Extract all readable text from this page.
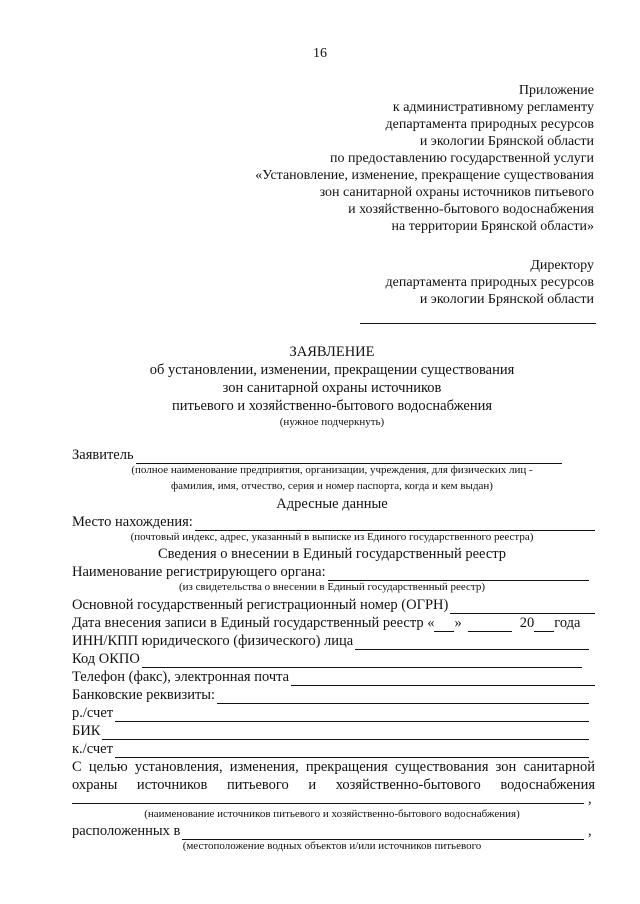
16
Приложение
к административному регламенту
департамента природных ресурсов
и экологии Брянской области
по предоставлению государственной услуги
«Установление, изменение, прекращение существования
зон санитарной охраны источников питьевого
и хозяйственно-бытового водоснабжения
на территории Брянской области»
Директору
департамента природных ресурсов
и экологии Брянской области
ЗАЯВЛЕНИЕ
об установлении, изменении, прекращении существования
зон санитарной охраны источников
питьевого и хозяйственно-бытового водоснабжения
(нужное подчеркнуть)
Заявитель
(полное наименование предприятия, организации, учреждения, для физических лиц -
фамилия, имя, отчество, серия и номер паспорта, когда и кем выдан)
Адресные данные
Место нахождения:
(почтовый индекс, адрес, указанный в выписке из Единого государственного реестра)
Сведения о внесении в Единый государственный реестр
Наименование регистрирующего органа:
(из свидетельства о внесении в Единый государственный реестр)
Основной государственный регистрационный номер (ОГРН)
Дата внесения записи в Единый государственный реестр « »	20 года
ИНН/КПП юридического (физического) лица
Код ОКПО
Телефон (факс), электронная почта
Банковские реквизиты:
р./счет
БИК
к./счет
С целью установления, изменения, прекращения существования зон санитарной
охраны источников питьевого и хозяйственно-бытового водоснабжения
,
(наименование источников питьевого и хозяйственно-бытового водоснабжения)
расположенных в	,
(местоположение водных объектов и/или источников питьевого
